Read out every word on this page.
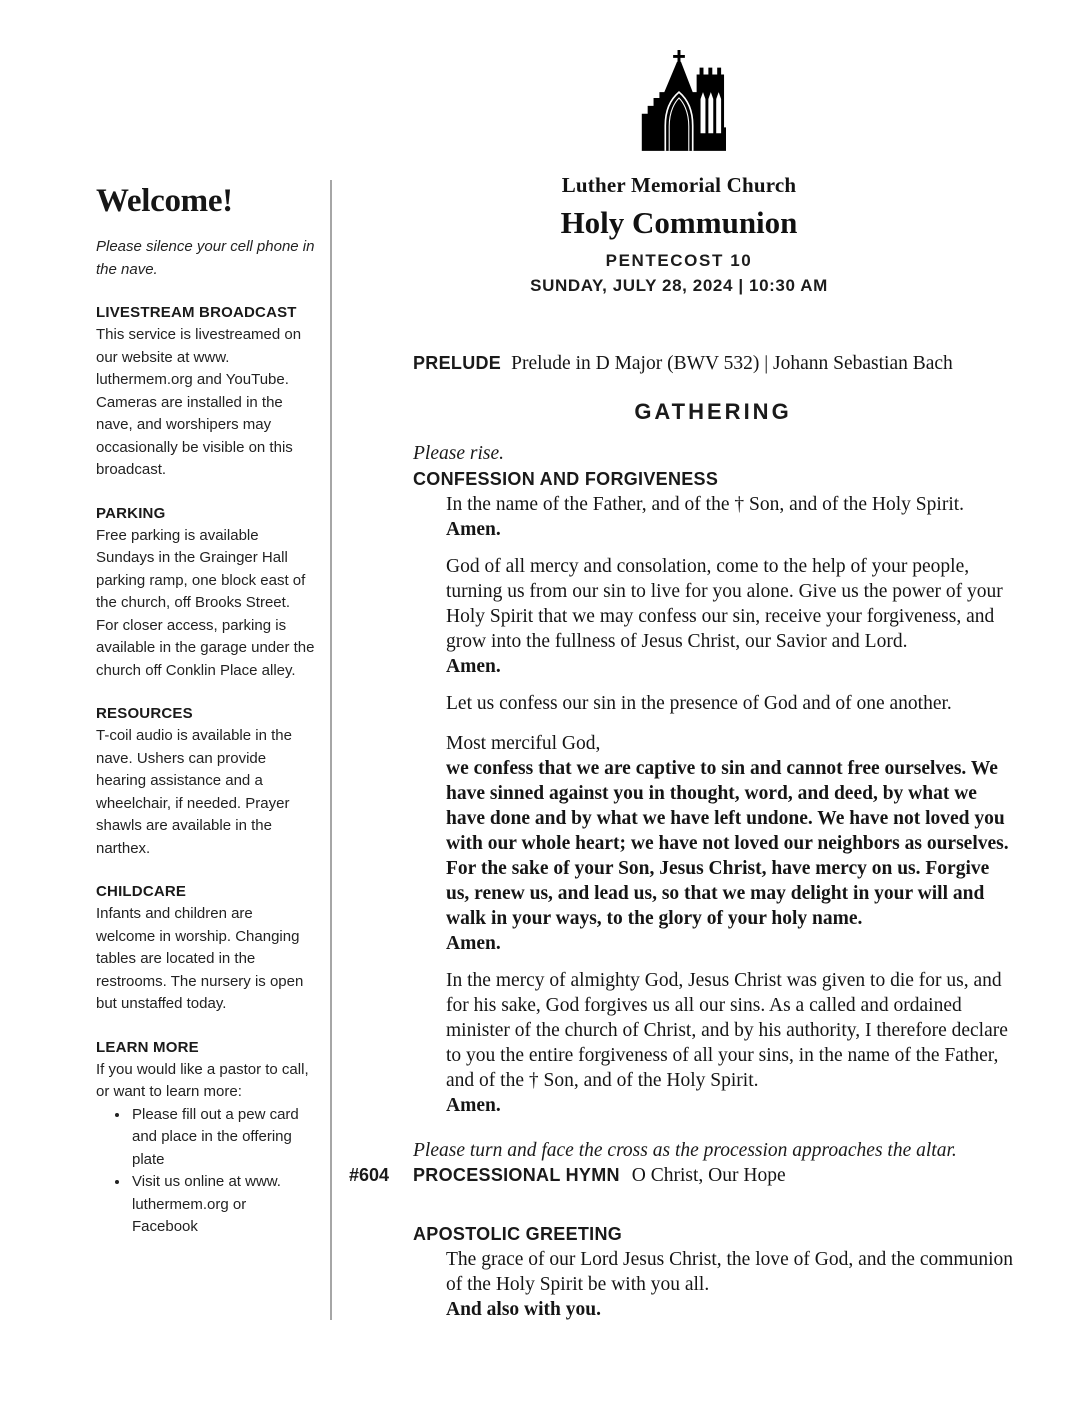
Luther Memorial Church
Holy Communion
PENTECOST 10
SUNDAY, JULY 28, 2024 | 10:30 AM
Welcome!
Please silence your cell phone in the nave.
LIVESTREAM BROADCAST
This service is livestreamed on our website at www. luthermem.org and YouTube. Cameras are installed in the nave, and worshipers may occasionally be visible on this broadcast.
PARKING
Free parking is available Sundays in the Grainger Hall parking ramp, one block east of the church, off Brooks Street. For closer access, parking is available in the garage under the church off Conklin Place alley.
RESOURCES
T-coil audio is available in the nave. Ushers can provide hearing assistance and a wheelchair, if needed. Prayer shawls are available in the narthex.
CHILDCARE
Infants and children are welcome in worship. Changing tables are located in the restrooms. The nursery is open but unstaffed today.
LEARN MORE
If you would like a pastor to call, or want to learn more:
• Please fill out a pew card and place in the offering plate
• Visit us online at www. luthermem.org or Facebook
PRELUDE Prelude in D Major (BWV 532) | Johann Sebastian Bach
GATHERING
Please rise.
CONFESSION AND FORGIVENESS
In the name of the Father, and of the † Son, and of the Holy Spirit.
Amen.
God of all mercy and consolation, come to the help of your people, turning us from our sin to live for you alone. Give us the power of your Holy Spirit that we may confess our sin, receive your forgiveness, and grow into the fullness of Jesus Christ, our Savior and Lord.
Amen.
Let us confess our sin in the presence of God and of one another.
Most merciful God,
we confess that we are captive to sin and cannot free ourselves. We have sinned against you in thought, word, and deed, by what we have done and by what we have left undone. We have not loved you with our whole heart; we have not loved our neighbors as ourselves. For the sake of your Son, Jesus Christ, have mercy on us. Forgive us, renew us, and lead us, so that we may delight in your will and walk in your ways, to the glory of your holy name.
Amen.
In the mercy of almighty God, Jesus Christ was given to die for us, and for his sake, God forgives us all our sins. As a called and ordained minister of the church of Christ, and by his authority, I therefore declare to you the entire forgiveness of all your sins, in the name of the Father, and of the † Son, and of the Holy Spirit.
Amen.
Please turn and face the cross as the procession approaches the altar.
#604 PROCESSIONAL HYMN O Christ, Our Hope
APOSTOLIC GREETING
The grace of our Lord Jesus Christ, the love of God, and the communion of the Holy Spirit be with you all.
And also with you.
